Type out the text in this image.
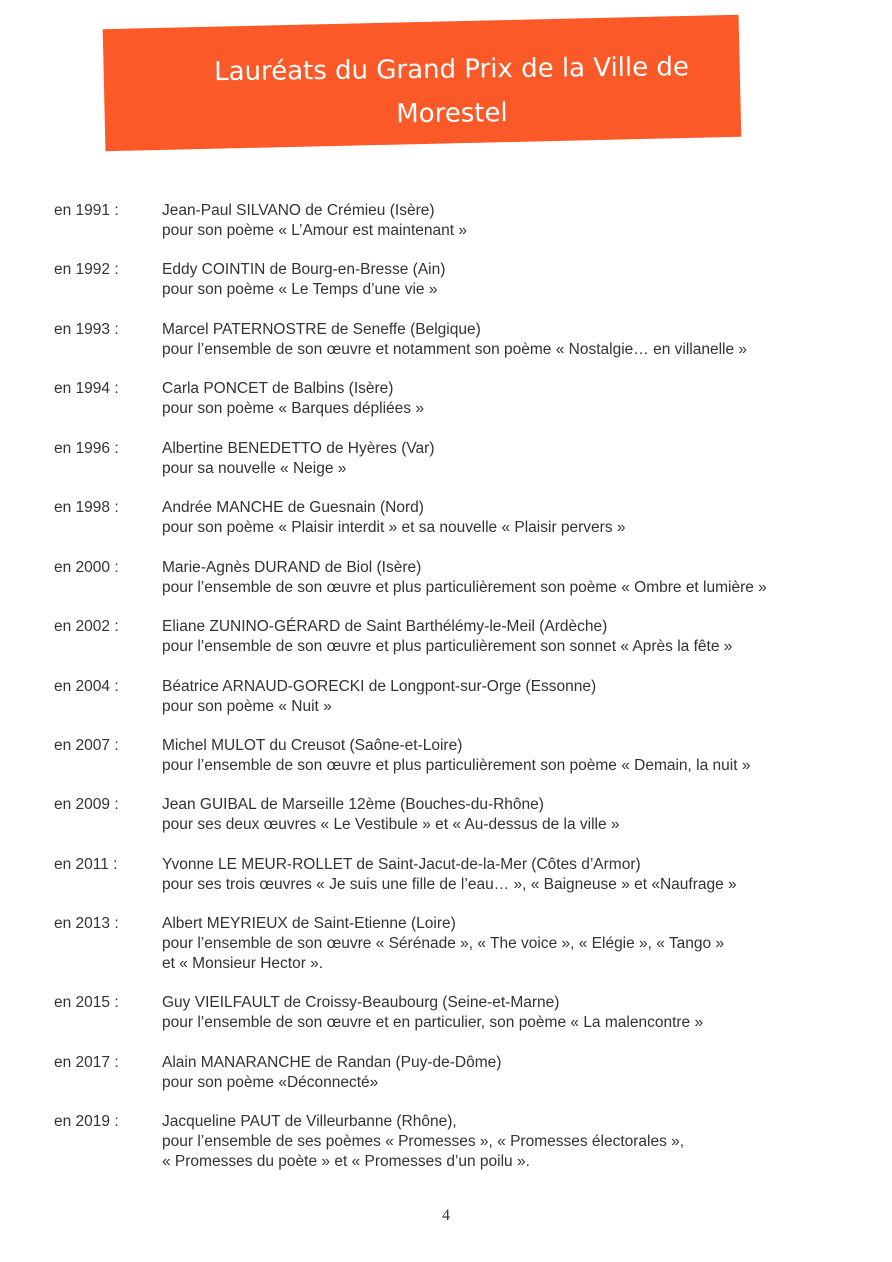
Lauréats du Grand Prix de la Ville de Morestel
lors des concours précédents :
en 1991 :	Jean-Paul SILVANO de Crémieu (Isère)
pour son poème « L’Amour est maintenant »
en 1992 :	Eddy COINTIN de Bourg-en-Bresse (Ain)
pour son poème « Le Temps d’une vie »
en 1993 :	Marcel PATERNOSTRE de Seneffe (Belgique)
pour l’ensemble de son œuvre et notamment son poème « Nostalgie… en villanelle »
en 1994 :	Carla PONCET de Balbins (Isère)
pour son poème « Barques dépliées »
en 1996 :	Albertine BENEDETTO de Hyères (Var)
pour sa nouvelle « Neige »
en 1998 :	Andrée MANCHE de Guesnain (Nord)
pour son poème « Plaisir interdit » et sa nouvelle « Plaisir pervers »
en 2000 :	Marie-Agnès DURAND de Biol (Isère)
pour l’ensemble de son œuvre et plus particulièrement son poème « Ombre et lumière »
en 2002 :	Eliane ZUNINO-GÉRARD de Saint Barthélémy-le-Meil (Ardèche)
pour l’ensemble de son œuvre et plus particulièrement son sonnet « Après la fête »
en 2004 :	Béatrice ARNAUD-GORECKI de Longpont-sur-Orge (Essonne)
pour son poème « Nuit »
en 2007 :	Michel MULOT du Creusot (Saône-et-Loire)
pour l’ensemble de son œuvre et plus particulièrement son poème « Demain, la nuit »
en 2009 :	Jean GUIBAL de Marseille 12ème (Bouches-du-Rhône)
pour ses deux œuvres « Le Vestibule » et « Au-dessus de la ville »
en 2011 :	Yvonne LE MEUR-ROLLET de Saint-Jacut-de-la-Mer (Côtes d’Armor)
pour ses trois œuvres « Je suis une fille de l’eau… », « Baigneuse » et «Naufrage »
en 2013 :	Albert MEYRIEUX de Saint-Etienne (Loire)
pour l’ensemble de son œuvre « Sérénade », « The voice », « Elégie », « Tango »
et « Monsieur Hector ».
en 2015 :	Guy VIEILFAULT de Croissy-Beaubourg (Seine-et-Marne)
pour l’ensemble de son œuvre et en particulier, son poème « La malencontre »
en 2017 :	Alain MANARANCHE de Randan (Puy-de-Dôme)
pour son poème «Déconnecté»
en 2019 :	Jacqueline PAUT de Villeurbanne (Rhône),
pour l’ensemble de ses poèmes « Promesses », « Promesses électorales »,
« Promesses du poète » et « Promesses d’un poilu ».
4
